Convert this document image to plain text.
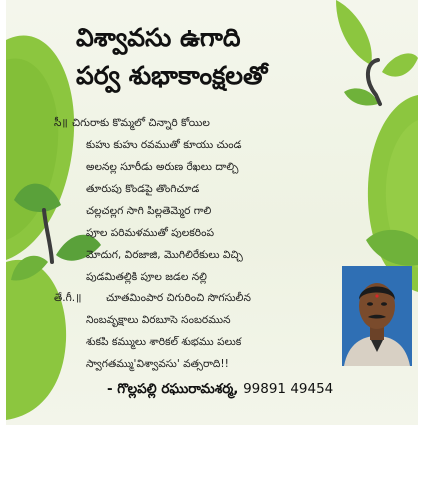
విశ్వావసు ఉగాది
పర్వ శుభాకాంక్షలతో
సీ॥ చిగురాకు కొమ్మలో చిన్నారి కోయిల
కుహు కుహు రవముతో కూయు చుండ
అలనల్ల సూరీడు అరుణ రేఖలు దాల్చి
తూరుపు కొండపై తొంగిచూడ
చల్లచల్లగ సాగి పిల్లతెమ్మెర గాలి
పూల పరిమళముతో పులకరింప
మోదుగ, విరజాజి, మొగిలిరేకులు విచ్చి
పుడమితల్లికి పూల జడల నల్లి
తే.గీ.॥ చూతమింపార చిగురించి సొగసులీన
నింబవృక్షాలు విరబూసె సంబరమున
శుకపి కమ్ములు శారికల్ శుభము పలుక
స్వాగతమ్ము'విశ్వావసు' వత్సరాది!!
- గొల్లపల్లి రఘురామశర్మ, 99891 49454
